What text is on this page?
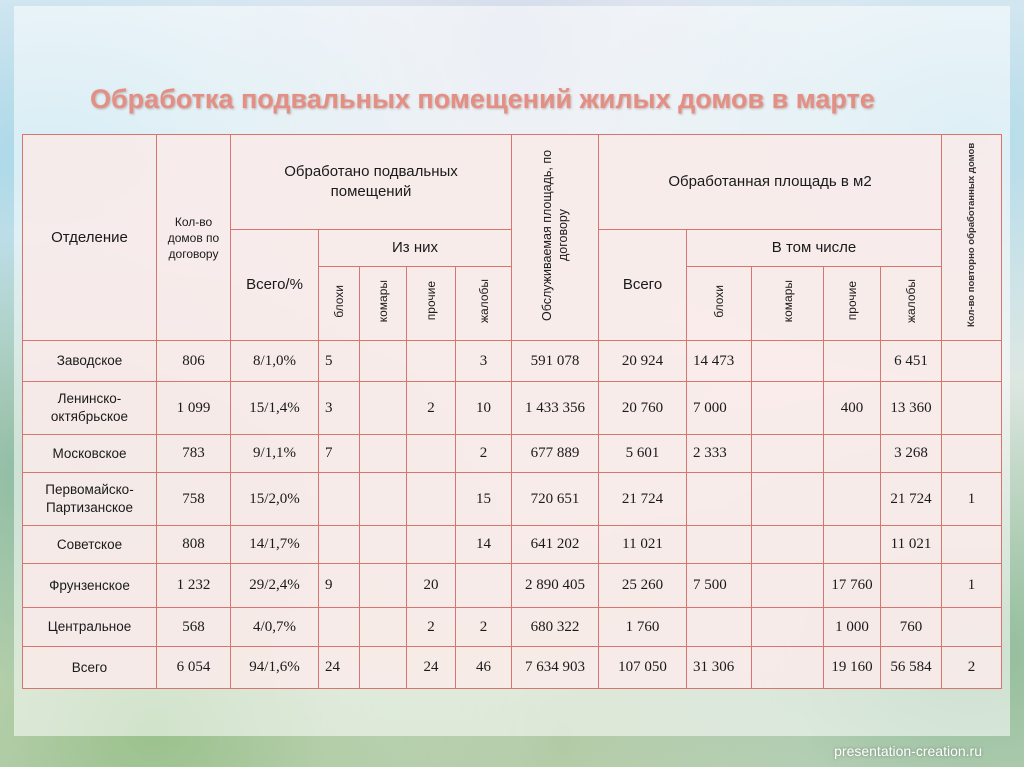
Обработка подвальных помещений жилых домов в марте
Отделение	Кол-во домов по договору	Обработано подвальных помещений					Обслуживаемая площадь, по договору	Обработанная площадь в м2					Кол-во повторно обработанных домов
		Всего/%	Из них					Всего	В том числе				
			блохи	комары	прочие	жалобы			блохи	комары	прочие	жалобы	
Заводское	806	8/1,0%	5			3	591 078	20 924	14 473			6 451	
Ленинско-октябрьское	1 099	15/1,4%	3		2	10	1 433 356	20 760	7 000		400	13 360	
Московское	783	9/1,1%	7			2	677 889	5 601	2 333			3 268	
Первомайско-Партизанское	758	15/2,0%				15	720 651	21 724				21 724	1
Советское	808	14/1,7%				14	641 202	11 021				11 021	
Фрунзенское	1 232	29/2,4%	9		20		2 890 405	25 260	7 500		17 760		1
Центральное	568	4/0,7%			2	2	680 322	1 760			1 000	760	
Всего	6 054	94/1,6%	24		24	46	7 634 903	107 050	31 306		19 160	56 584	2
presentation-creation.ru
